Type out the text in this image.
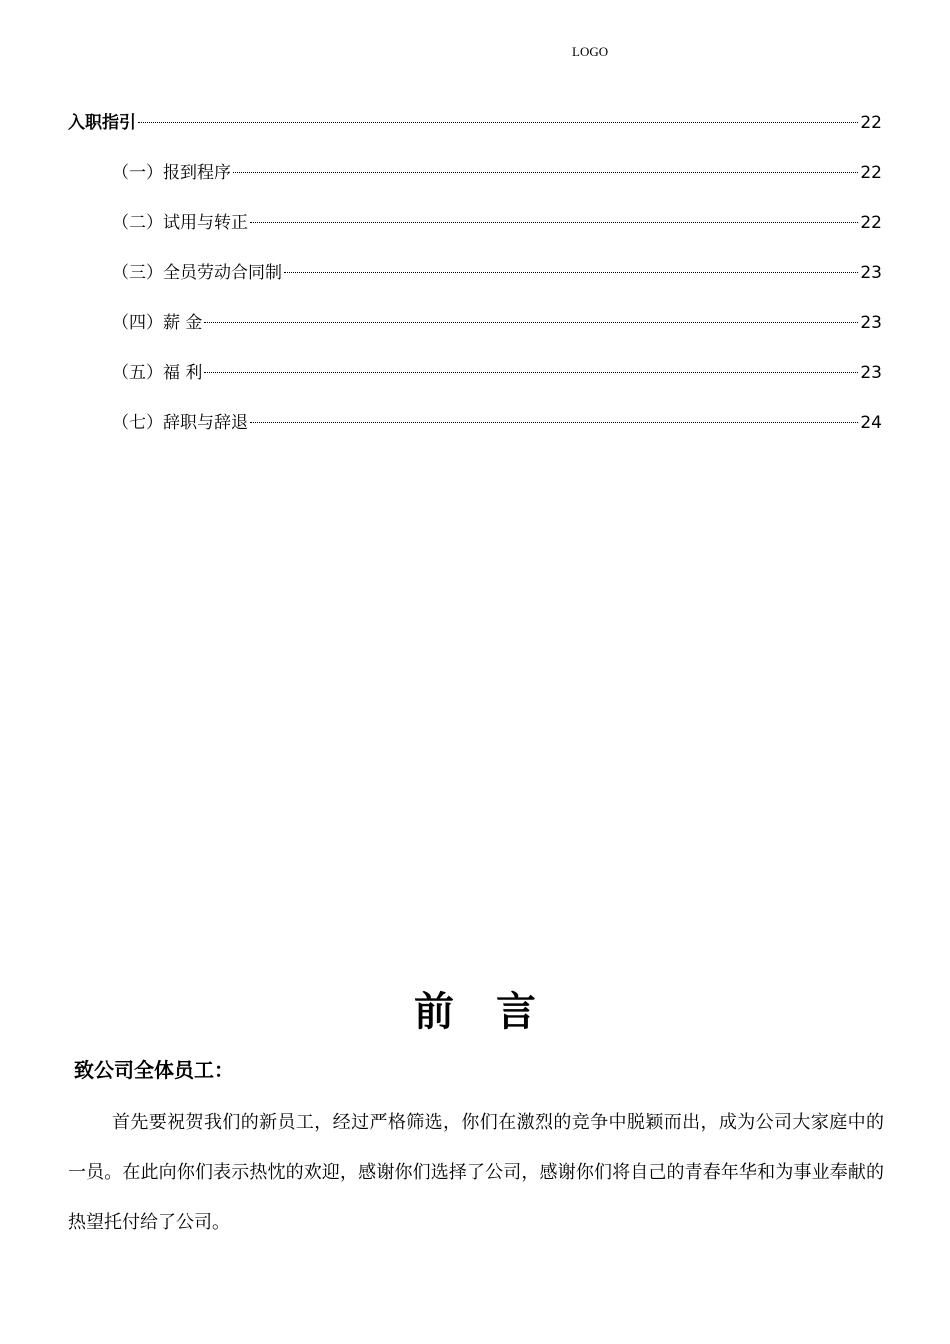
LOGO
入职指引	22
（一）报到程序	22
（二）试用与转正	22
（三）全员劳动合同制	23
（四）薪 金	23
（五）福 利	23
（七）辞职与辞退	24
前 言
致公司全体员工：
首先要祝贺我们的新员工，经过严格筛选，你们在激烈的竞争中脱颖而出，成为公司大家庭中的一员。在此向你们表示热忱的欢迎，感谢你们选择了公司，感谢你们将自己的青春年华和为事业奉献的热望托付给了公司。
